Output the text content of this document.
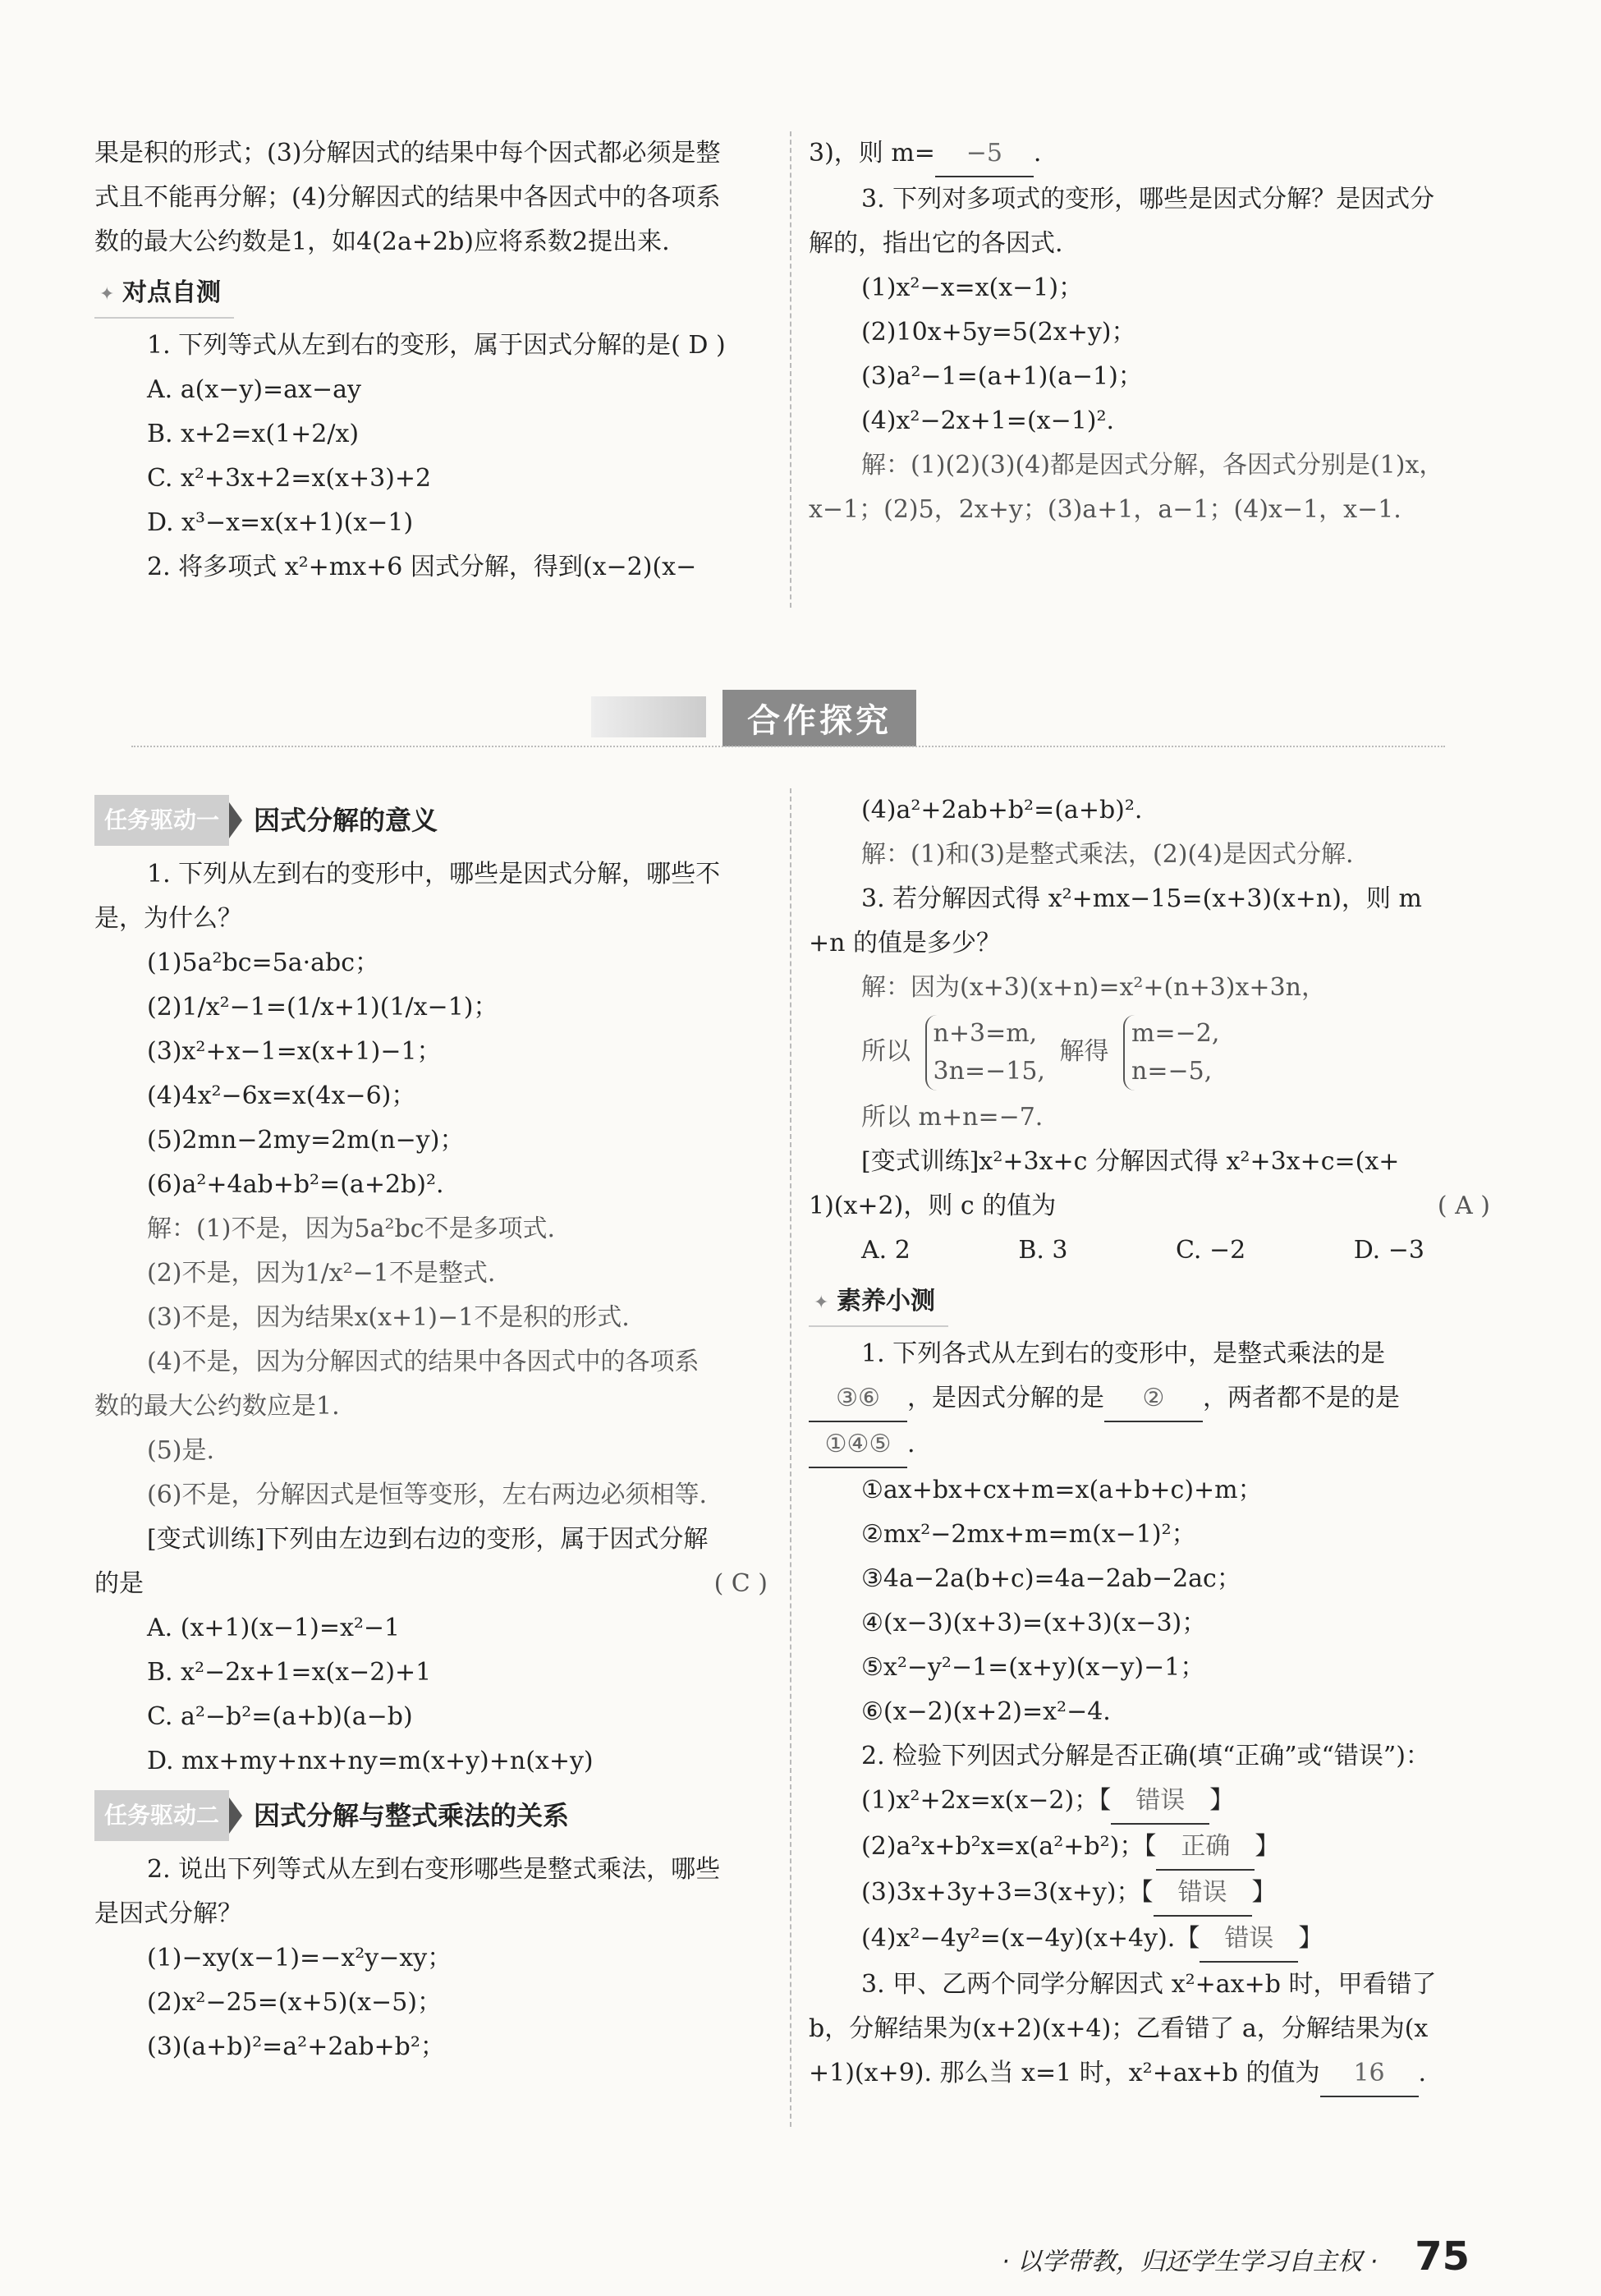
果是积的形式；(3)分解因式的结果中每个因式都必须是整

式且不能再分解；(4)分解因式的结果中各因式中的各项系

数的最大公约数是1，如4(2a+2b)应将系数2提出来.

✦ 对点自测

1. 下列等式从左到右的变形，属于因式分解的是( D )

A. a(x−y)=ax−ay

B. x+2=x(1+2/x)

C. x²+3x+2=x(x+3)+2

D. x³−x=x(x+1)(x−1)

2. 将多项式 x²+mx+6 因式分解，得到(x−2)(x−

3)，则 m= −5 .

3. 下列对多项式的变形，哪些是因式分解？是因式分

解的，指出它的各因式.

(1)x²−x=x(x−1)；

(2)10x+5y=5(2x+y)；

(3)a²−1=(a+1)(a−1)；

(4)x²−2x+1=(x−1)².

解：(1)(2)(3)(4)都是因式分解，各因式分别是(1)x，

x−1；(2)5，2x+y；(3)a+1，a−1；(4)x−1，x−1.

合作探究
任务驱动一	因式分解的意义

1. 下列从左到右的变形中，哪些是因式分解，哪些不

是，为什么？

(1)5a²bc=5a·abc；

(2)1/x²−1=(1/x+1)(1/x−1)；

(3)x²+x−1=x(x+1)−1；

(4)4x²−6x=x(4x−6)；

(5)2mn−2my=2m(n−y)；

(6)a²+4ab+b²=(a+2b)².

解：(1)不是，因为5a²bc不是多项式.

(2)不是，因为1/x²−1不是整式.

(3)不是，因为结果x(x+1)−1不是积的形式.

(4)不是，因为分解因式的结果中各因式中的各项系

数的最大公约数应是1.

(5)是.

(6)不是，分解因式是恒等变形，左右两边必须相等.

[变式训练]下列由左边到右边的变形，属于因式分解

的是	( C )

A. (x+1)(x−1)=x²−1

B. x²−2x+1=x(x−2)+1

C. a²−b²=(a+b)(a−b)

D. mx+my+nx+ny=m(x+y)+n(x+y)

任务驱动二	因式分解与整式乘法的关系

2. 说出下列等式从左到右变形哪些是整式乘法，哪些

是因式分解？

(1)−xy(x−1)=−x²y−xy；

(2)x²−25=(x+5)(x−5)；

(3)(a+b)²=a²+2ab+b²；

(4)a²+2ab+b²=(a+b)².

解：(1)和(3)是整式乘法，(2)(4)是因式分解.

3. 若分解因式得 x²+mx−15=(x+3)(x+n)，则 m

+n 的值是多少？

解：因为(x+3)(x+n)=x²+(n+3)x+3n，

所以 n+3=m,
3n=−15, 解得 m=−2,
n=−5,

所以 m+n=−7.

[变式训练]x²+3x+c 分解因式得 x²+3x+c=(x+

1)(x+2)，则 c 的值为	( A )

A. 2	B. 3	C. −2	D. −3
✦ 素养小测

1. 下列各式从左到右的变形中，是整式乘法的是

③⑥ ，是因式分解的是 ② ，两者都不是的是

①④⑤ .

①ax+bx+cx+m=x(a+b+c)+m；

②mx²−2mx+m=m(x−1)²；

③4a−2a(b+c)=4a−2ab−2ac；

④(x−3)(x+3)=(x+3)(x−3)；

⑤x²−y²−1=(x+y)(x−y)−1；

⑥(x−2)(x+2)=x²−4.

2. 检验下列因式分解是否正确(填“正确”或“错误”)：

(1)x²+2x=x(x−2)；【 错误 】

(2)a²x+b²x=x(a²+b²)；【 正确 】

(3)3x+3y+3=3(x+y)；【 错误 】

(4)x²−4y²=(x−4y)(x+4y).【 错误 】

3. 甲、乙两个同学分解因式 x²+ax+b 时，甲看错了

b，分解结果为(x+2)(x+4)；乙看错了 a，分解结果为(x

+1)(x+9). 那么当 x=1 时，x²+ax+b 的值为 16 .

· 以学带教，归还学生学习自主权 · 75
